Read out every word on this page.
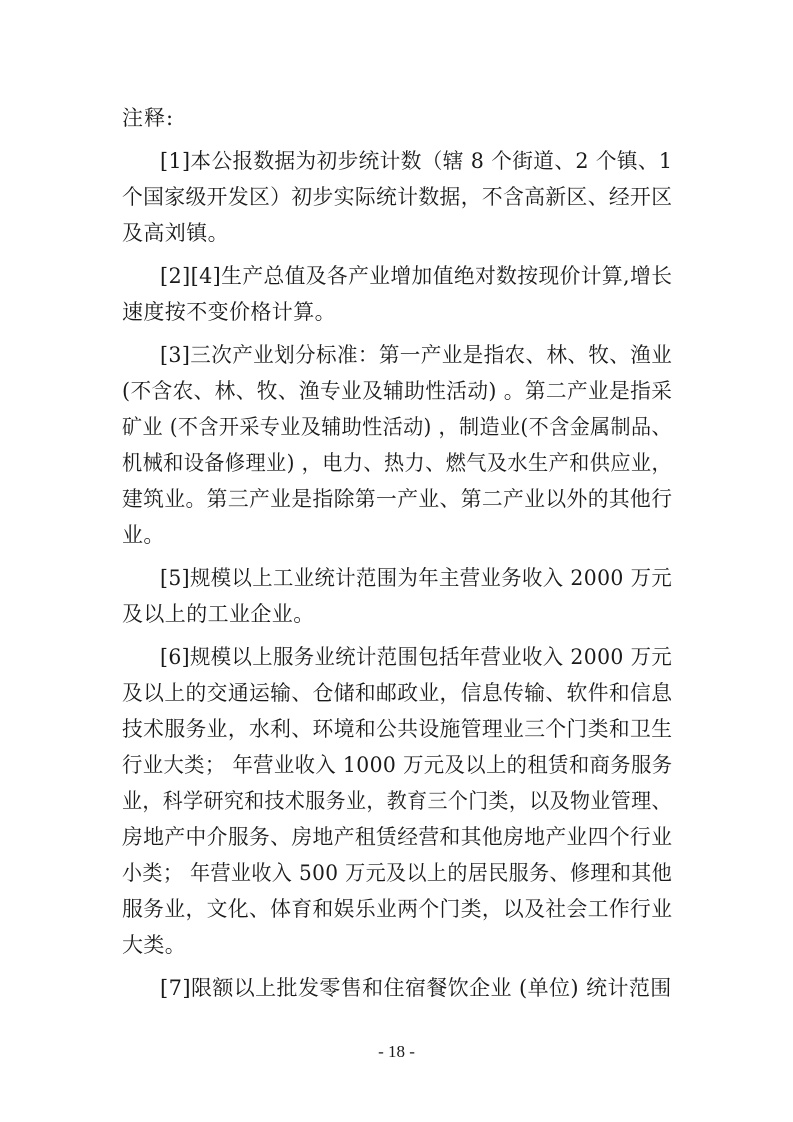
注释:
[1]本公报数据为初步统计数（辖 8 个街道、2 个镇、1
个国家级开发区）初步实际统计数据，不含高新区、经开区
及高刘镇。
[2][4]生产总值及各产业增加值绝对数按现价计算,增长
速度按不变价格计算。
[3]三次产业划分标准：第一产业是指农、林、牧、渔业
(不含农、林、牧、渔专业及辅助性活动) 。第二产业是指采
矿业 (不含开采专业及辅助性活动) ，制造业(不含金属制品、
机械和设备修理业) ，电力、热力、燃气及水生产和供应业，
建筑业。第三产业是指除第一产业、第二产业以外的其他行
业。
[5]规模以上工业统计范围为年主营业务收入 2000 万元
及以上的工业企业。
[6]规模以上服务业统计范围包括年营业收入 2000 万元
及以上的交通运输、仓储和邮政业，信息传输、软件和信息
技术服务业，水利、环境和公共设施管理业三个门类和卫生
行业大类； 年营业收入 1000 万元及以上的租赁和商务服务
业，科学研究和技术服务业，教育三个门类，以及物业管理、
房地产中介服务、房地产租赁经营和其他房地产业四个行业
小类； 年营业收入 500 万元及以上的居民服务、修理和其他
服务业，文化、体育和娱乐业两个门类，以及社会工作行业
大类。
[7]限额以上批发零售和住宿餐饮企业 (单位) 统计范围
- 18 -
